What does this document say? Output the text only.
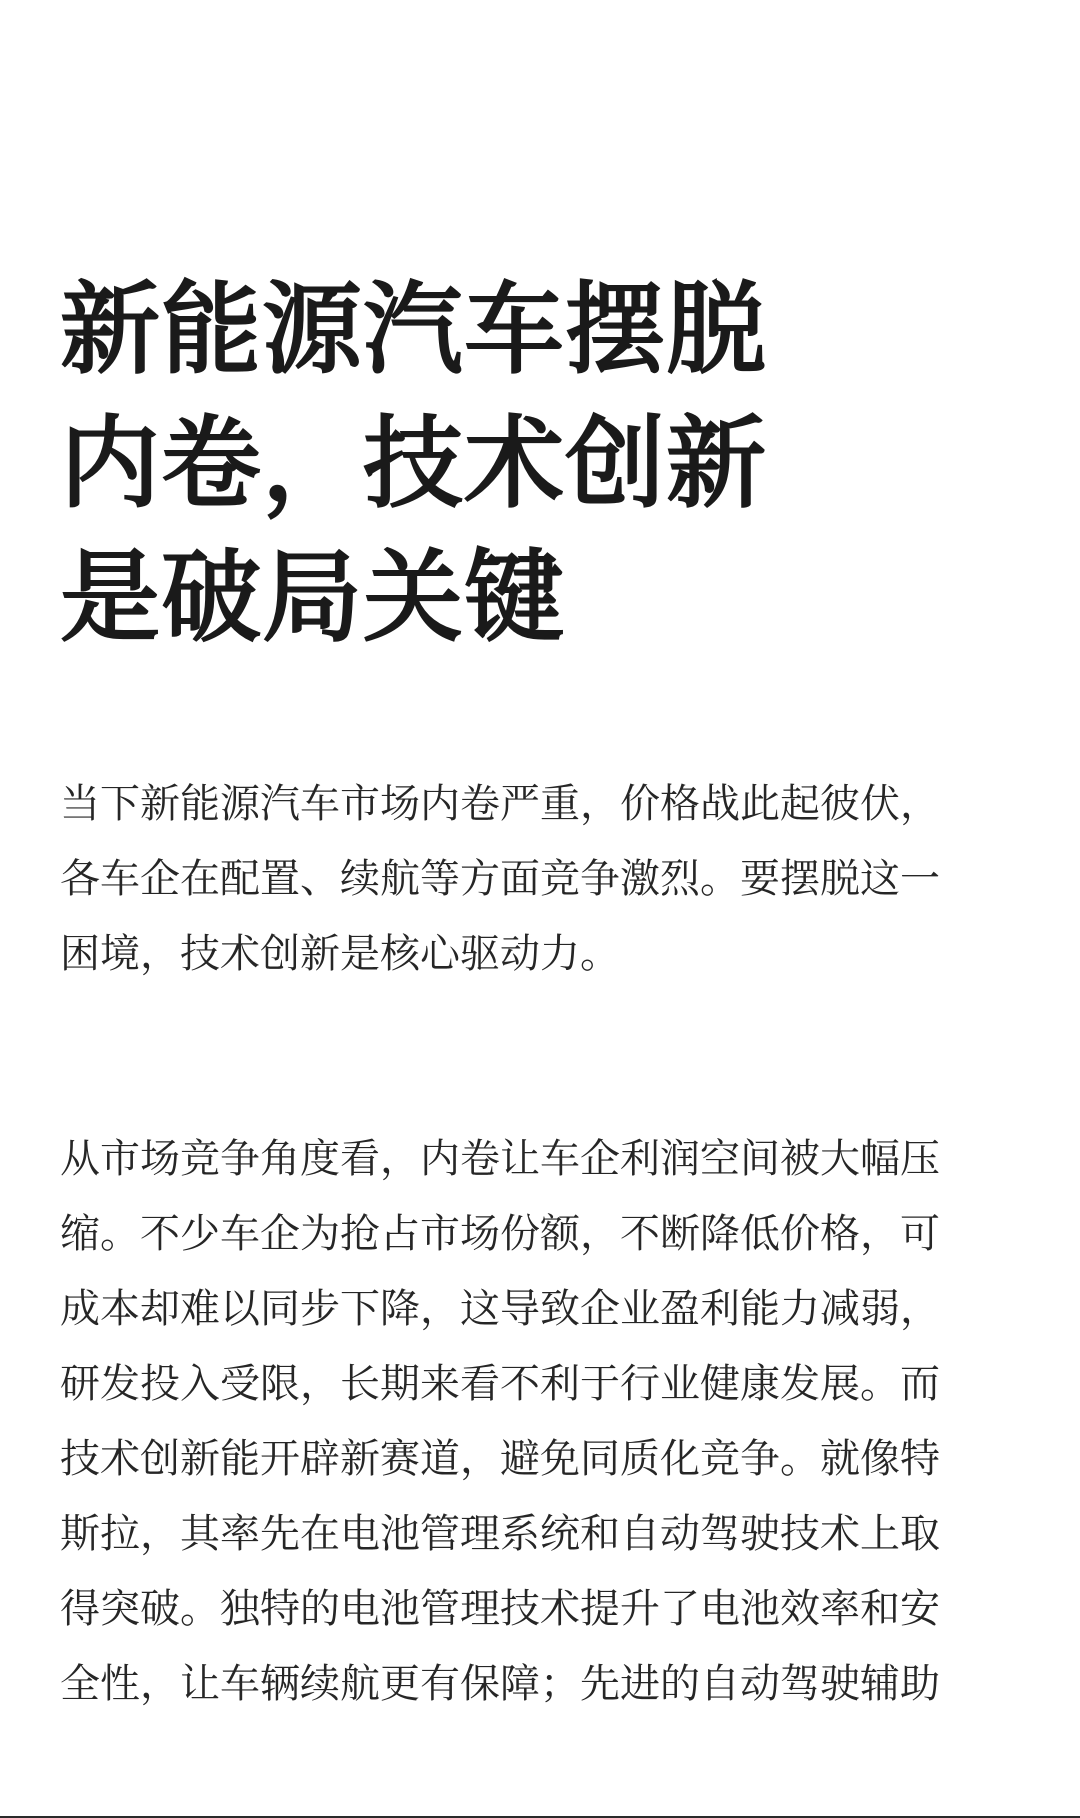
新能源汽车摆脱
内卷，技术创新
是破局关键

当下新能源汽车市场内卷严重，价格战此起彼伏，
各车企在配置、续航等方面竞争激烈。要摆脱这一
困境，技术创新是核心驱动力。

从市场竞争角度看，内卷让车企利润空间被大幅压
缩。不少车企为抢占市场份额，不断降低价格，可
成本却难以同步下降，这导致企业盈利能力减弱，
研发投入受限，长期来看不利于行业健康发展。而
技术创新能开辟新赛道，避免同质化竞争。就像特
斯拉，其率先在电池管理系统和自动驾驶技术上取
得突破。独特的电池管理技术提升了电池效率和安
全性，让车辆续航更有保障；先进的自动驾驶辅助
